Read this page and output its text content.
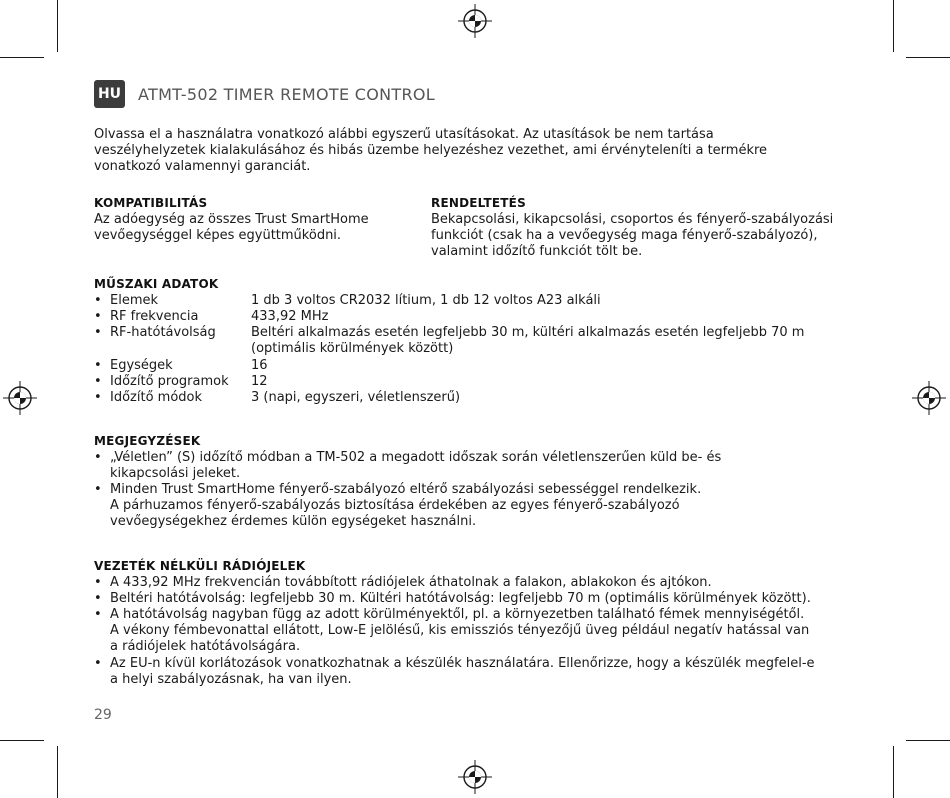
HU ATMT-502 TIMER REMOTE CONTROL
Olvassa el a használatra vonatkozó alábbi egyszerű utasításokat. Az utasítások be nem tartása
veszélyhelyzetek kialakulásához és hibás üzembe helyezéshez vezethet, ami érvényteleníti a termékre
vonatkozó valamennyi garanciát.
KOMPATIBILITÁS
Az adóegység az összes Trust SmartHome
vevőegységgel képes együttműködni.
RENDELTETÉS
Bekapcsolási, kikapcsolási, csoportos és fényerő-szabályozási
funkciót (csak ha a vevőegység maga fényerő-szabályozó),
valamint időzítő funkciót tölt be.
MŰSZAKI ADATOK
• Elemek	1 db 3 voltos CR2032 lítium, 1 db 12 voltos A23 alkáli
• RF frekvencia	433,92 MHz
• RF-hatótávolság	Beltéri alkalmazás esetén legfeljebb 30 m, kültéri alkalmazás esetén legfeljebb 70 m
(optimális körülmények között)
• Egységek	16
• Időzítő programok 12
• Időzítő módok	3 (napi, egyszeri, véletlenszerű)
MEGJEGYZÉSEK
• „Véletlen” (S) időzítő módban a TM-502 a megadott időszak során véletlenszerűen küld be- és
kikapcsolási jeleket.
• Minden Trust SmartHome fényerő-szabályozó eltérő szabályozási sebességgel rendelkezik.
A párhuzamos fényerő-szabályozás biztosítása érdekében az egyes fényerő-szabályozó
vevőegységekhez érdemes külön egységeket használni.
VEZETÉK NÉLKÜLI RÁDIÓJELEK
• A 433,92 MHz frekvencián továbbított rádiójelek áthatolnak a falakon, ablakokon és ajtókon.
• Beltéri hatótávolság: legfeljebb 30 m. Kültéri hatótávolság: legfeljebb 70 m (optimális körülmények között).
• A hatótávolság nagyban függ az adott körülményektől, pl. a környezetben található fémek mennyiségétől.
A vékony fémbevonattal ellátott, Low-E jelölésű, kis emissziós tényezőjű üveg például negatív hatással van
a rádiójelek hatótávolságára.
• Az EU-n kívül korlátozások vonatkozhatnak a készülék használatára. Ellenőrizze, hogy a készülék megfelel-e
a helyi szabályozásnak, ha van ilyen.
29
